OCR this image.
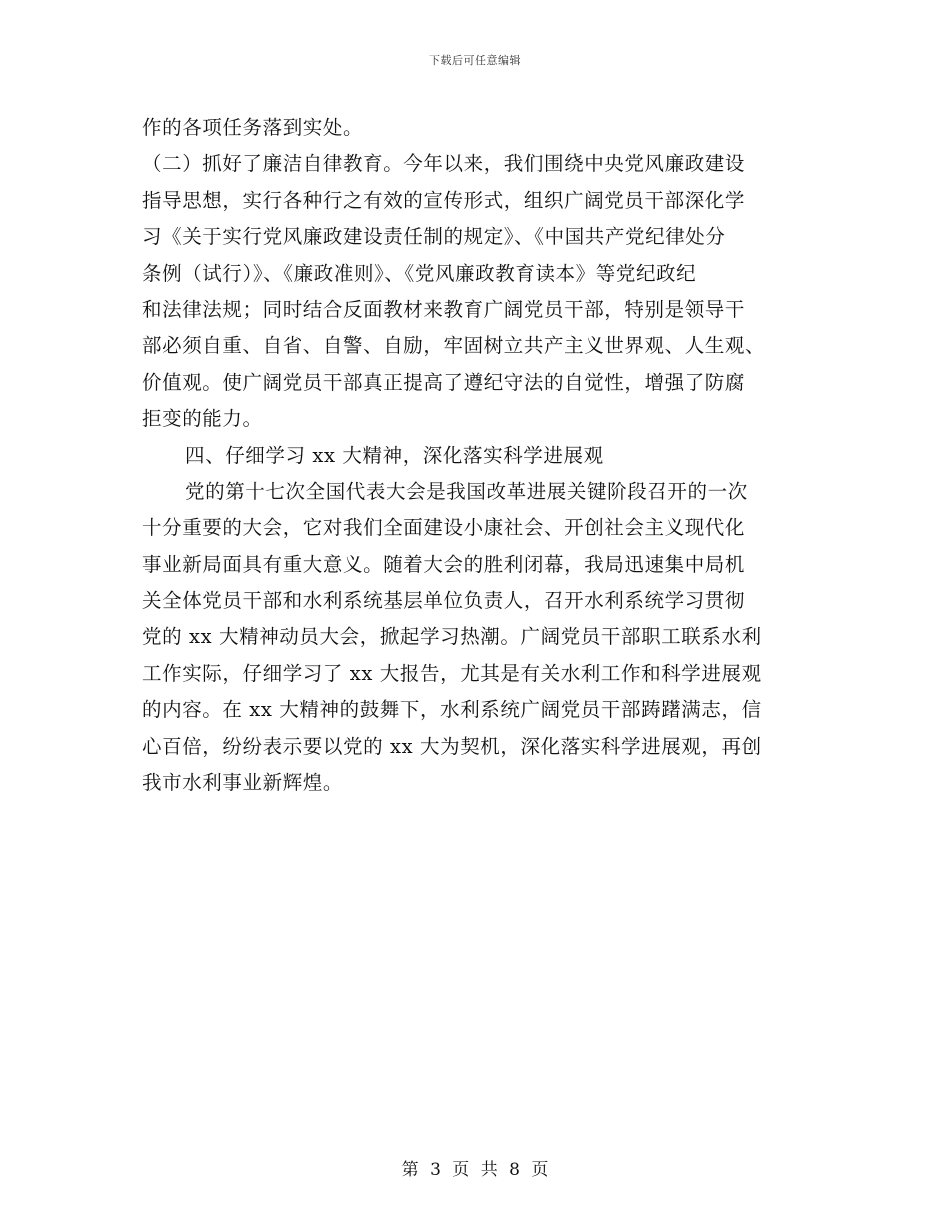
下载后可任意编辑
作的各项任务落到实处。
（二）抓好了廉洁自律教育。今年以来，我们围绕中央党风廉政建设
指导思想，实行各种行之有效的宣传形式，组织广阔党员干部深化学
习《关于实行党风廉政建设责任制的规定》、《中国共产党纪律处分
条例（试行）》、《廉政准则》、《党风廉政教育读本》等党纪政纪
和法律法规；同时结合反面教材来教育广阔党员干部，特别是领导干
部必须自重、自省、自警、自励，牢固树立共产主义世界观、人生观、
价值观。使广阔党员干部真正提高了遵纪守法的自觉性，增强了防腐
拒变的能力。
四、仔细学习 xx 大精神，深化落实科学进展观
党的第十七次全国代表大会是我国改革进展关键阶段召开的一次
十分重要的大会，它对我们全面建设小康社会、开创社会主义现代化
事业新局面具有重大意义。随着大会的胜利闭幕，我局迅速集中局机
关全体党员干部和水利系统基层单位负责人，召开水利系统学习贯彻
党的 xx 大精神动员大会，掀起学习热潮。广阔党员干部职工联系水利
工作实际，仔细学习了 xx 大报告，尤其是有关水利工作和科学进展观
的内容。在 xx 大精神的鼓舞下，水利系统广阔党员干部踌躇满志，信
心百倍，纷纷表示要以党的 xx 大为契机，深化落实科学进展观，再创
我市水利事业新辉煌。
第 3 页 共 8 页
